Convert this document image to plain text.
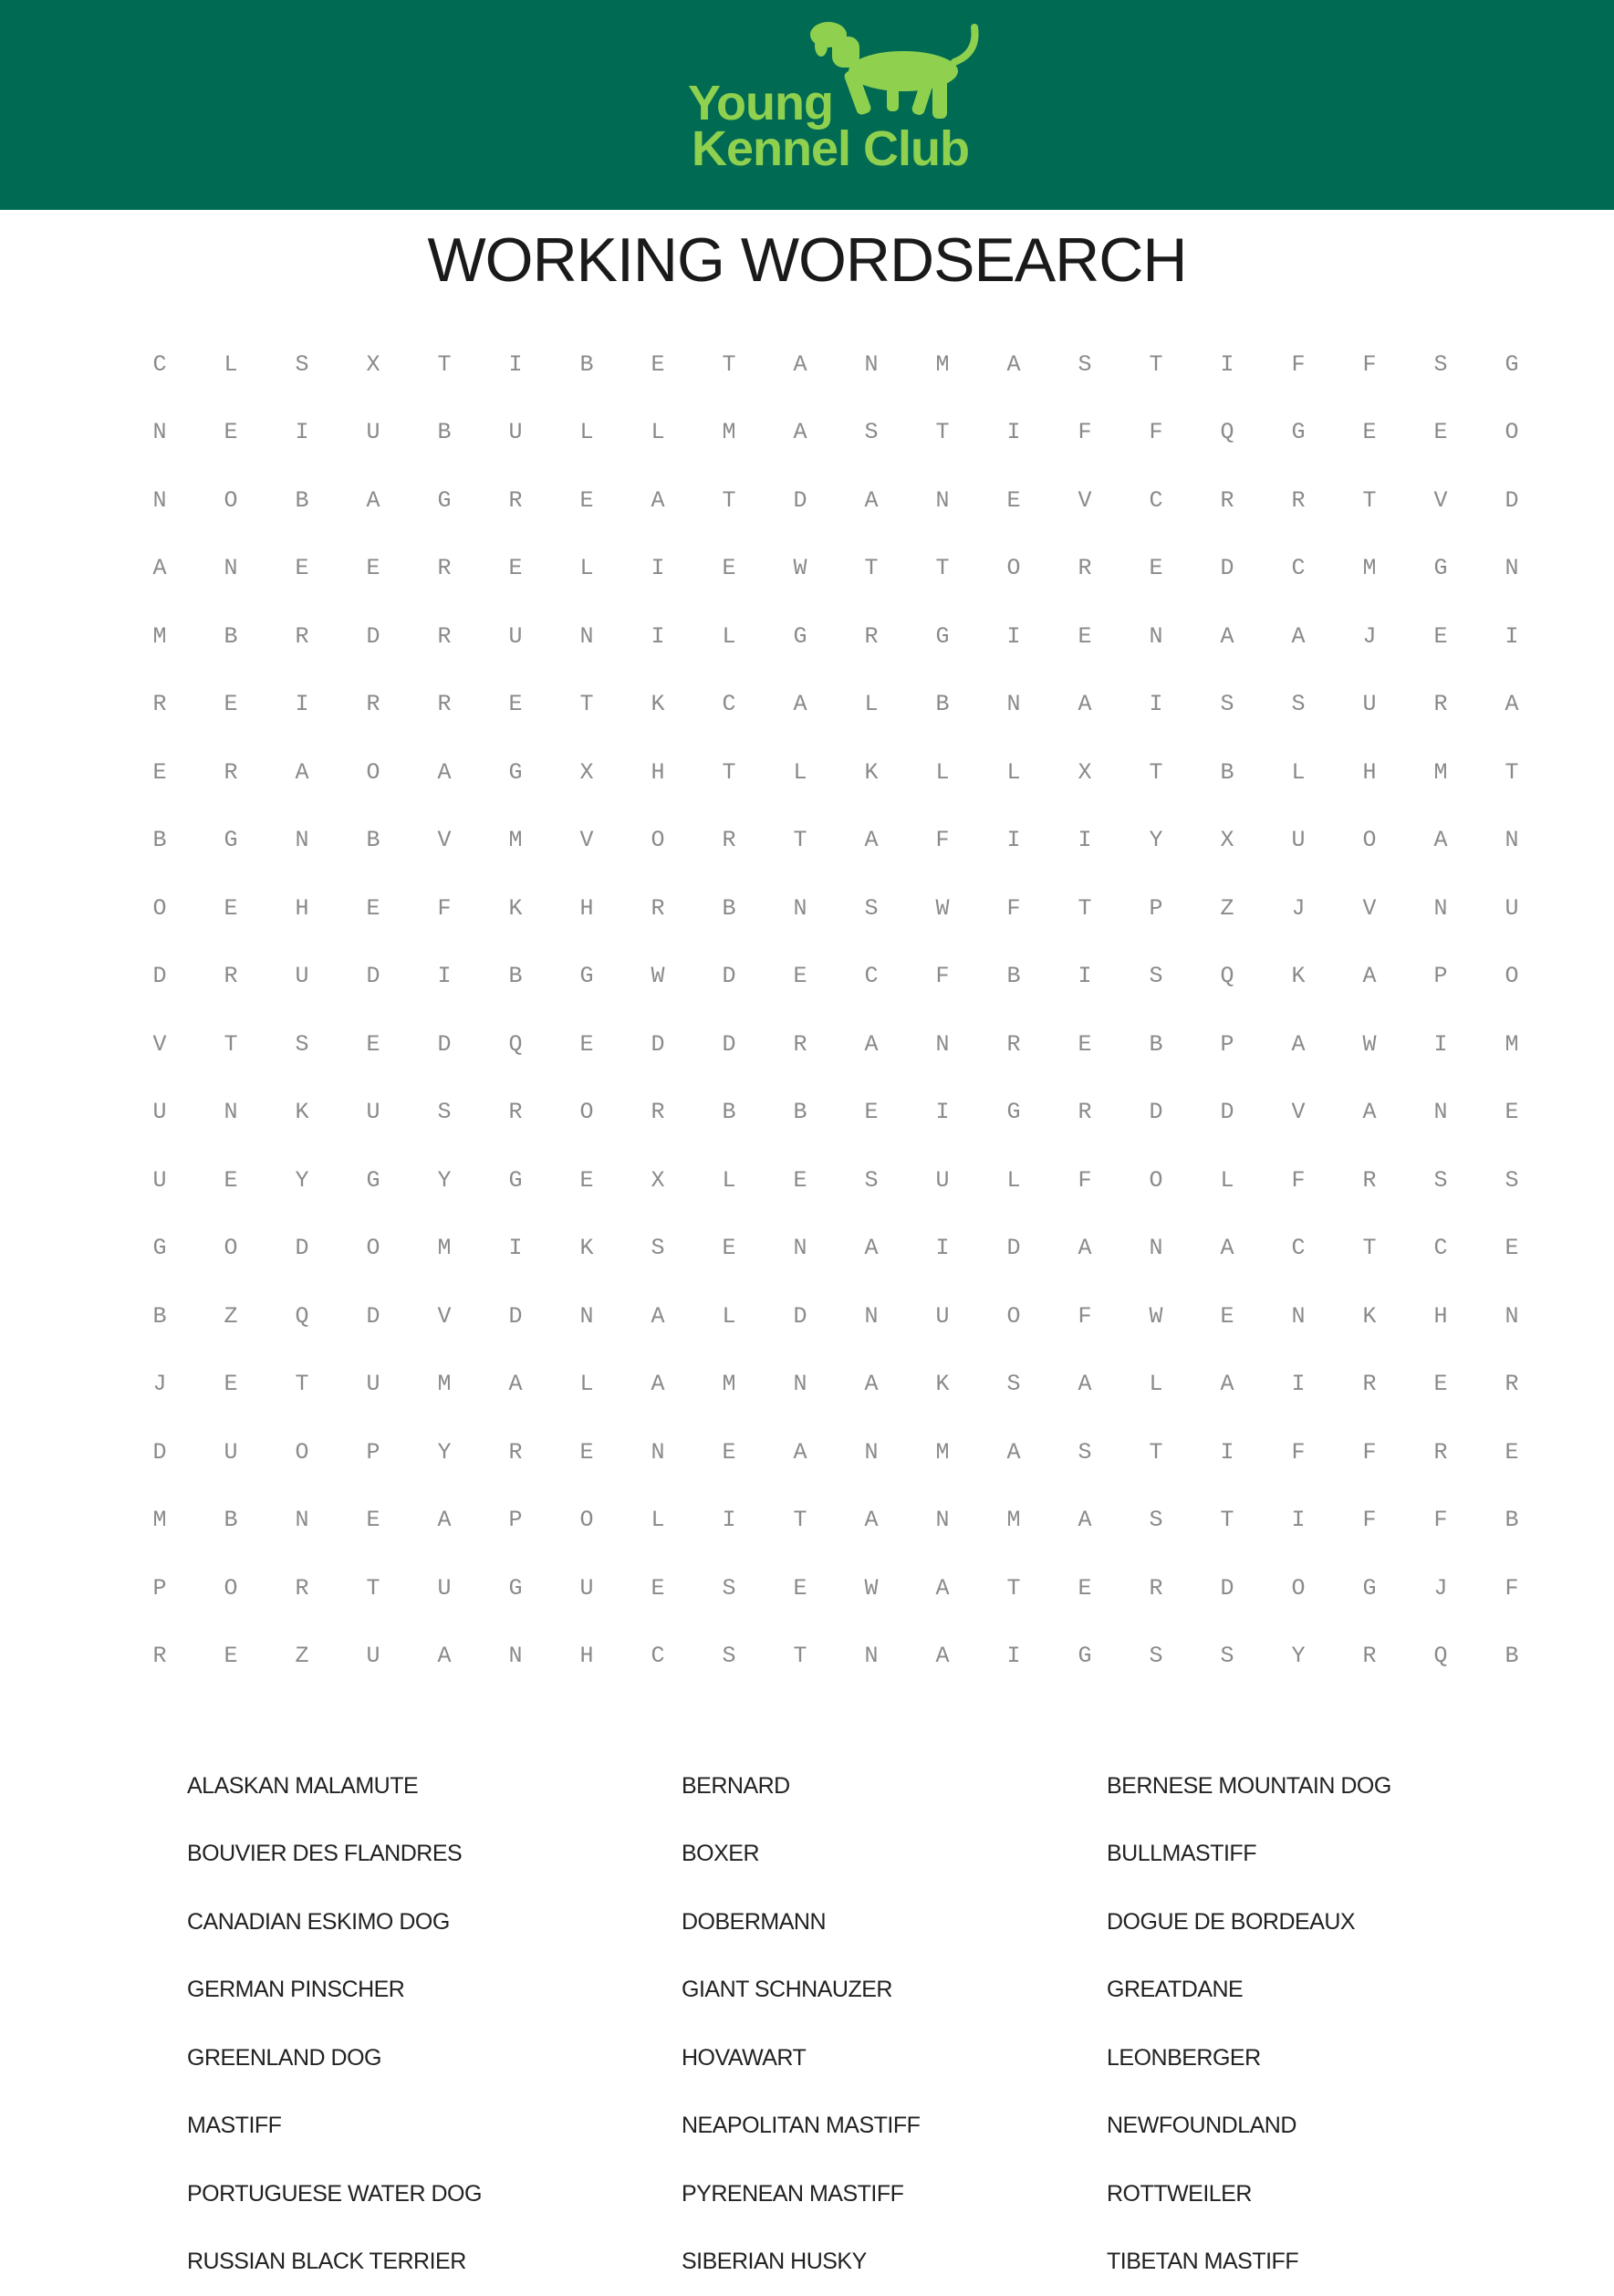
Young
Kennel Club
WORKING WORDSEARCH
C	L	S	X	T	I	B	E	T	A	N	M	A	S	T	I	F	F	S	G
N	E	I	U	B	U	L	L	M	A	S	T	I	F	F	Q	G	E	E	O
N	O	B	A	G	R	E	A	T	D	A	N	E	V	C	R	R	T	V	D
A	N	E	E	R	E	L	I	E	W	T	T	O	R	E	D	C	M	G	N
M	B	R	D	R	U	N	I	L	G	R	G	I	E	N	A	A	J	E	I
R	E	I	R	R	E	T	K	C	A	L	B	N	A	I	S	S	U	R	A
E	R	A	O	A	G	X	H	T	L	K	L	L	X	T	B	L	H	M	T
B	G	N	B	V	M	V	O	R	T	A	F	I	I	Y	X	U	O	A	N
O	E	H	E	F	K	H	R	B	N	S	W	F	T	P	Z	J	V	N	U
D	R	U	D	I	B	G	W	D	E	C	F	B	I	S	Q	K	A	P	O
V	T	S	E	D	Q	E	D	D	R	A	N	R	E	B	P	A	W	I	M
U	N	K	U	S	R	O	R	B	B	E	I	G	R	D	D	V	A	N	E
U	E	Y	G	Y	G	E	X	L	E	S	U	L	F	O	L	F	R	S	S
G	O	D	O	M	I	K	S	E	N	A	I	D	A	N	A	C	T	C	E
B	Z	Q	D	V	D	N	A	L	D	N	U	O	F	W	E	N	K	H	N
J	E	T	U	M	A	L	A	M	N	A	K	S	A	L	A	I	R	E	R
D	U	O	P	Y	R	E	N	E	A	N	M	A	S	T	I	F	F	R	E
M	B	N	E	A	P	O	L	I	T	A	N	M	A	S	T	I	F	F	B
P	O	R	T	U	G	U	E	S	E	W	A	T	E	R	D	O	G	J	F
R	E	Z	U	A	N	H	C	S	T	N	A	I	G	S	S	Y	R	Q	B
ALASKAN MALAMUTE	BERNARD	BERNESE MOUNTAIN DOG
BOUVIER DES FLANDRES	BOXER	BULLMASTIFF
CANADIAN ESKIMO DOG	DOBERMANN	DOGUE DE BORDEAUX
GERMAN PINSCHER	GIANT SCHNAUZER	GREATDANE
GREENLAND DOG	HOVAWART	LEONBERGER
MASTIFF	NEAPOLITAN MASTIFF	NEWFOUNDLAND
PORTUGUESE WATER DOG	PYRENEAN MASTIFF	ROTTWEILER
RUSSIAN BLACK TERRIER	SIBERIAN HUSKY	TIBETAN MASTIFF
